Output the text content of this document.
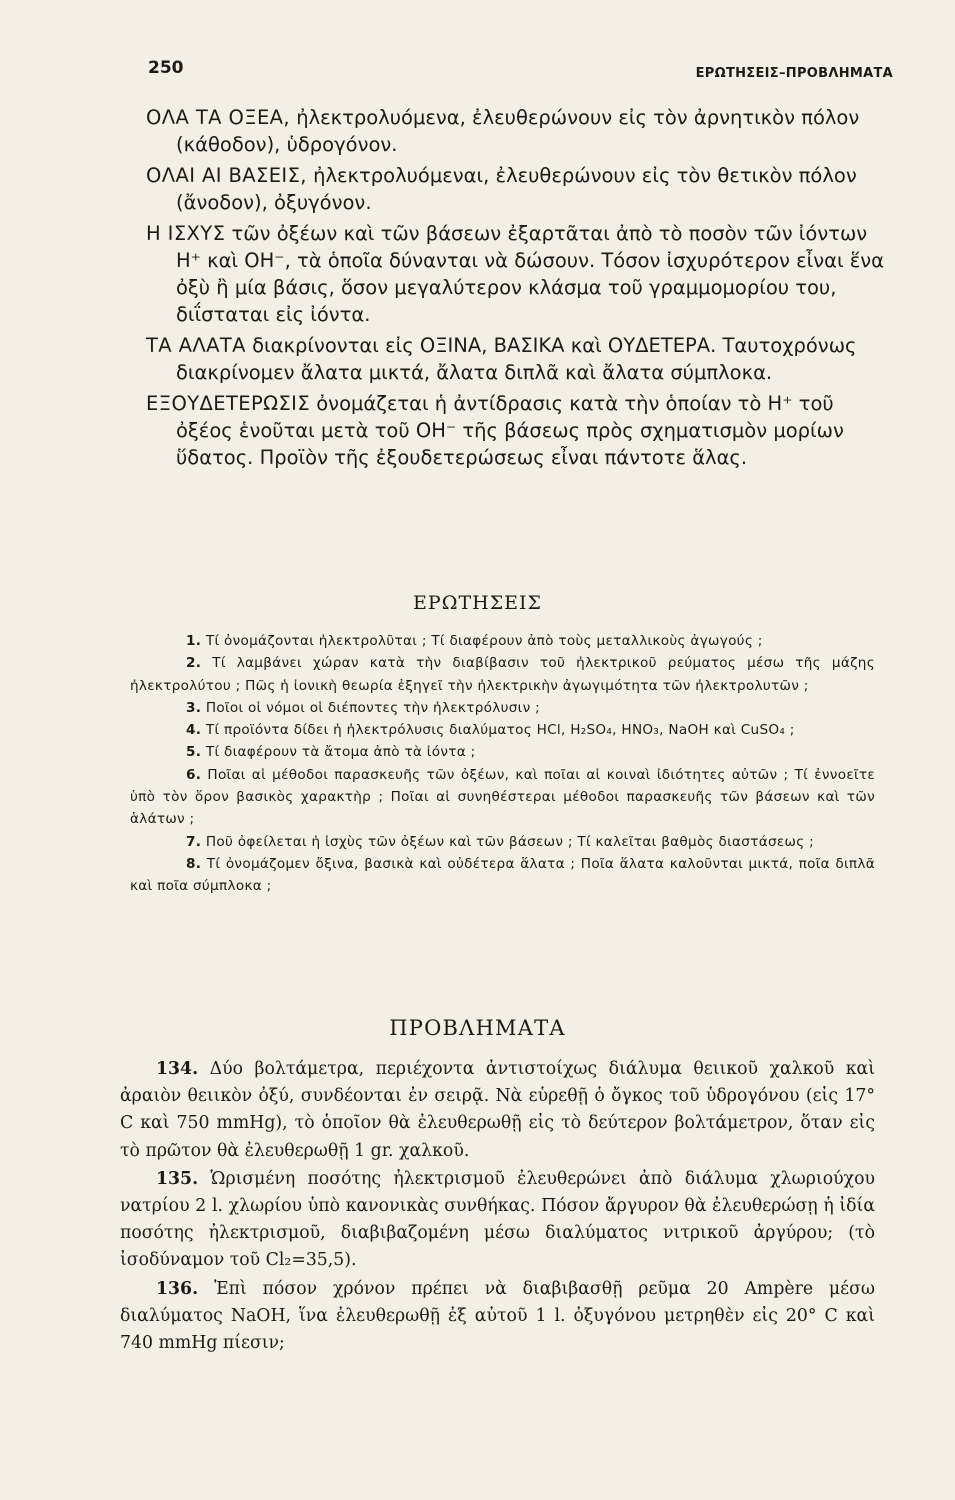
250	ΕΡΩΤΗΣΕΙΣ–ΠΡΟΒΛΗΜΑΤΑ

ΟΛΑ ΤΑ ΟΞΕΑ, ἠλεκτρολυόμενα, ἐλευθερώνουν εἰς τὸν ἀρνητικὸν πόλον (κάθοδον), ὑδρογόνον.

ΟΛΑΙ ΑΙ ΒΑΣΕΙΣ, ἠλεκτρολυόμεναι, ἐλευθερώνουν εἰς τὸν θετικὸν πόλον (ἄνοδον), ὀξυγόνον.

Η ΙΣΧΥΣ τῶν ὀξέων καὶ τῶν βάσεων ἐξαρτᾶται ἀπὸ τὸ ποσὸν τῶν ἰόντων Η⁺ καὶ ΟΗ⁻, τὰ ὁποῖα δύνανται νὰ δώσουν. Τόσον ἰσχυρότερον εἶναι ἕνα ὀξὺ ἢ μία βάσις, ὅσον μεγαλύτερον κλάσμα τοῦ γραμμομορίου του, διΐσταται εἰς ἰόντα.

ΤΑ ΑΛΑΤΑ διακρίνονται εἰς ΟΞΙΝΑ, ΒΑΣΙΚΑ καὶ ΟΥΔΕΤΕΡΑ. Ταυτοχρόνως διακρίνομεν ἄλατα μικτά, ἄλατα διπλᾶ καὶ ἄλατα σύμπλοκα.

ΕΞΟΥΔΕΤΕΡΩΣΙΣ ὀνομάζεται ἡ ἀντίδρασις κατὰ τὴν ὁποίαν τὸ Η⁺ τοῦ ὀξέος ἑνοῦται μετὰ τοῦ ΟΗ⁻ τῆς βάσεως πρὸς σχηματισμὸν μορίων ὕδατος. Προϊὸν τῆς ἐξουδετερώσεως εἶναι πάντοτε ἅλας.

ΕΡΩΤΗΣΕΙΣ

1. Τί ὀνομάζονται ἠλεκτρολῦται ; Τί διαφέρουν ἀπὸ τοὺς μεταλλικοὺς ἀγωγούς ;

2. Τί λαμβάνει χώραν κατὰ τὴν διαβίβασιν τοῦ ἠλεκτρικοῦ ρεύματος μέσω τῆς μάζης ἠλεκτρολύτου ; Πῶς ἡ ἰονικὴ θεωρία ἐξηγεῖ τὴν ἠλεκτρικὴν ἀγωγιμότητα τῶν ἠλεκτρολυτῶν ;

3. Ποῖοι οἱ νόμοι οἱ διέποντες τὴν ἠλεκτρόλυσιν ;

4. Τί προϊόντα δίδει ἡ ἠλεκτρόλυσις διαλύματος HCl, H₂SO₄, HNO₃, NaOH καὶ CuSO₄ ;

5. Τί διαφέρουν τὰ ἄτομα ἀπὸ τὰ ἰόντα ;

6. Ποῖαι αἱ μέθοδοι παρασκευῆς τῶν ὀξέων, καὶ ποῖαι αἱ κοιναὶ ἰδιότητες αὐτῶν ; Τί ἐννοεῖτε ὑπὸ τὸν ὅρον βασικὸς χαρακτὴρ ; Ποῖαι αἱ συνηθέστεραι μέθοδοι παρασκευῆς τῶν βάσεων καὶ τῶν ἁλάτων ;

7. Ποῦ ὀφείλεται ἡ ἰσχὺς τῶν ὀξέων καὶ τῶν βάσεων ; Τί καλεῖται βαθμὸς διαστάσεως ;

8. Τί ὀνομάζομεν ὄξινα, βασικὰ καὶ οὐδέτερα ἅλατα ; Ποῖα ἅλατα καλοῦνται μικτά, ποῖα διπλᾶ καὶ ποῖα σύμπλοκα ;

ΠΡΟΒΛΗΜΑΤΑ

134. Δύο βολτάμετρα, περιέχοντα ἀντιστοίχως διάλυμα θειικοῦ χαλκοῦ καὶ ἀραιὸν θειικὸν ὀξύ, συνδέονται ἐν σειρᾷ. Νὰ εὑρεθῇ ὁ ὄγκος τοῦ ὑδρογόνου (εἰς 17° C καὶ 750 mmHg), τὸ ὁποῖον θὰ ἐλευθερωθῇ εἰς τὸ δεύτερον βολτάμετρον, ὅταν εἰς τὸ πρῶτον θὰ ἐλευθερωθῇ 1 gr. χαλκοῦ.

135. Ὡρισμένη ποσότης ἠλεκτρισμοῦ ἐλευθερώνει ἀπὸ διάλυμα χλωριούχου νατρίου 2 l. χλωρίου ὑπὸ κανονικὰς συνθήκας. Πόσον ἄργυρον θὰ ἐλευθερώσῃ ἡ ἰδία ποσότης ἠλεκτρισμοῦ, διαβιβαζομένη μέσω διαλύματος νιτρικοῦ ἀργύρου; (τὸ ἰσοδύναμον τοῦ Cl₂=35,5).

136. Ἐπὶ πόσον χρόνον πρέπει νὰ διαβιβασθῇ ρεῦμα 20 Ampère μέσω διαλύματος NaOH, ἵνα ἐλευθερωθῇ ἐξ αὐτοῦ 1 l. ὀξυγόνου μετρηθὲν εἰς 20° C καὶ 740 mmHg πίεσιν;
